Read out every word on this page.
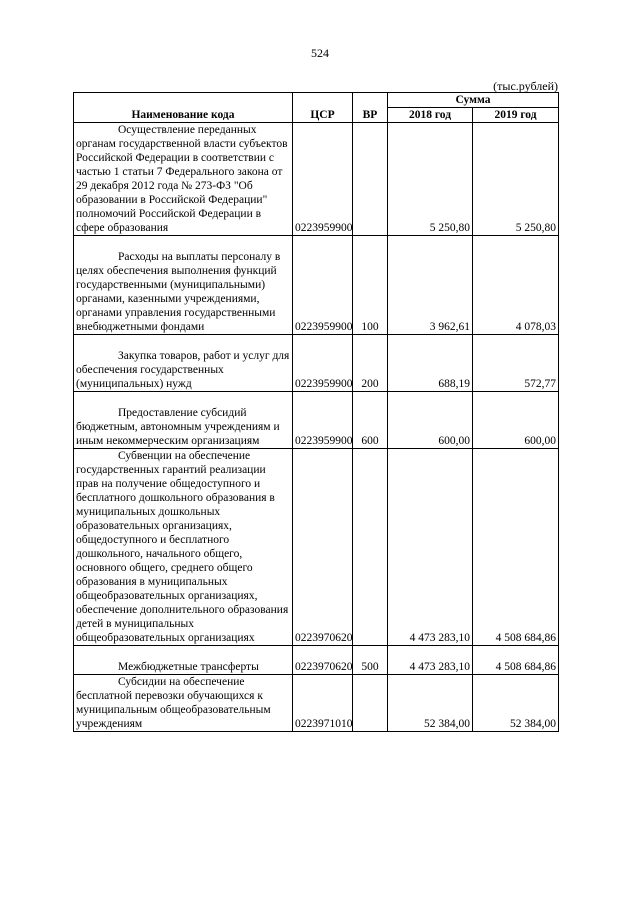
524
(тыс.рублей)
Наименование кода	ЦСР	ВР	Сумма	
			2018 год	2019 год

Осуществление переданных органам государственной власти субъектов Российской Федерации в соответствии с частью 1 статьи 7 Федерального закона от 29 декабря 2012 года № 273-ФЗ "Об образовании в Российской Федерации" полномочий Российской Федерации в сфере образования	0223959900		5 250,80	5 250,80

Расходы на выплаты персоналу в целях обеспечения выполнения функций государственными (муниципальными) органами, казенными учреждениями, органами управления государственными внебюджетными фондами	0223959900	100	3 962,61	4 078,03

Закупка товаров, работ и услуг для обеспечения государственных (муниципальных) нужд	0223959900	200	688,19	572,77

Предоставление субсидий бюджетным, автономным учреждениям и иным некоммерческим организациям	0223959900	600	600,00	600,00

Субвенции на обеспечение государственных гарантий реализации прав на получение общедоступного и бесплатного дошкольного образования в муниципальных дошкольных образовательных организациях, общедоступного и бесплатного дошкольного, начального общего, основного общего, среднего общего образования в муниципальных общеобразовательных организациях, обеспечение дополнительного образования детей в муниципальных общеобразовательных организациях	0223970620		4 473 283,10	4 508 684,86

Межбюджетные трансферты	0223970620	500	4 473 283,10	4 508 684,86

Субсидии на обеспечение бесплатной перевозки обучающихся к муниципальным общеобразовательным учреждениям	0223971010		52 384,00	52 384,00
